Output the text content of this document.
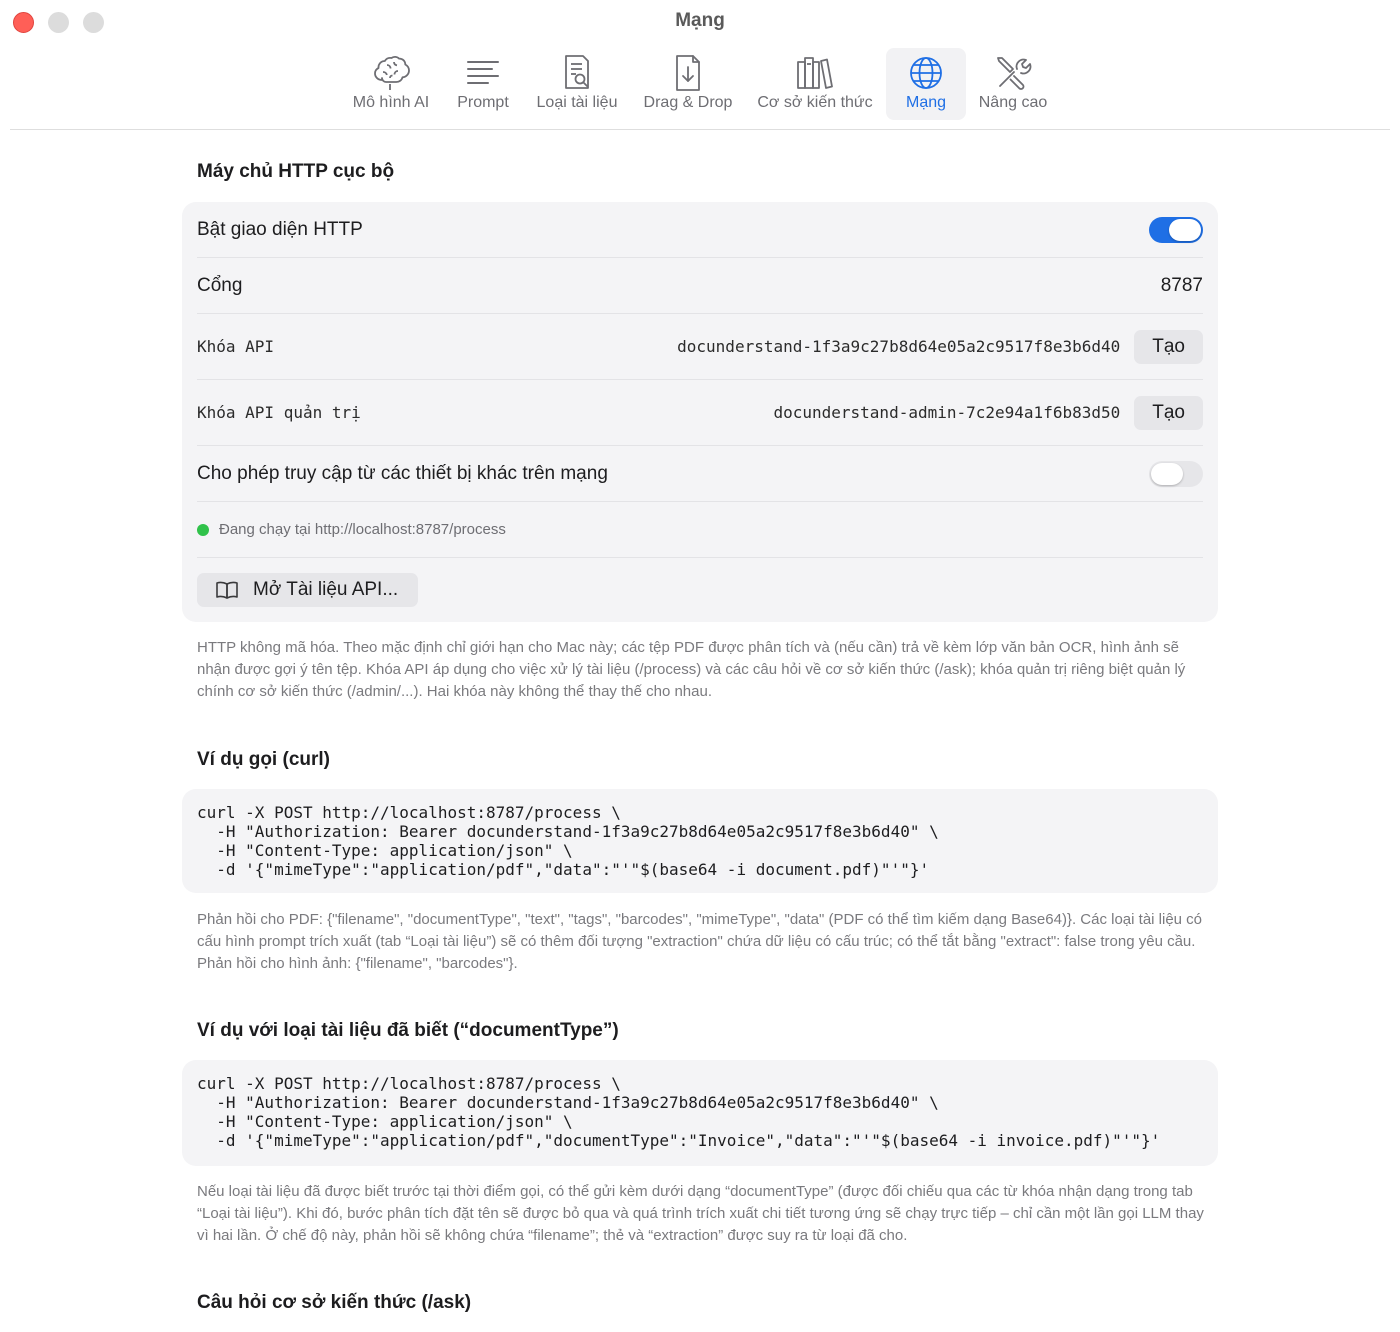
Mạng
Mô hình AI Prompt Loại tài liệu Drag & Drop Cơ sở kiến thức Mạng Nâng cao
Máy chủ HTTP cục bộ
Bật giao diện HTTP
Cổng	8787
Khóa API	docunderstand-1f3a9c27b8d64e05a2c9517f8e3b6d40	Tạo
Khóa API quản trị	docunderstand-admin-7c2e94a1f6b83d50	Tạo
Cho phép truy cập từ các thiết bị khác trên mạng
Đang chạy tại http://localhost:8787/process
Mở Tài liệu API...
HTTP không mã hóa. Theo mặc định chỉ giới hạn cho Mac này; các tệp PDF được phân tích và (nếu cần) trả về kèm lớp văn bản OCR, hình ảnh sẽ nhận được gợi ý tên tệp. Khóa API áp dụng cho việc xử lý tài liệu (/process) và các câu hỏi về cơ sở kiến thức (/ask); khóa quản trị riêng biệt quản lý chính cơ sở kiến thức (/admin/...). Hai khóa này không thể thay thế cho nhau.
Ví dụ gọi (curl)
curl -X POST http://localhost:8787/process \
-H "Authorization: Bearer docunderstand-1f3a9c27b8d64e05a2c9517f8e3b6d40" \
-H "Content-Type: application/json" \
-d '{"mimeType":"application/pdf","data":"'"$(base64 -i document.pdf)"'"}'
Phản hồi cho PDF: {"filename", "documentType", "text", "tags", "barcodes", "mimeType", "data" (PDF có thể tìm kiếm dạng Base64)}. Các loại tài liệu có cấu hình prompt trích xuất (tab “Loại tài liệu”) sẽ có thêm đối tượng "extraction" chứa dữ liệu có cấu trúc; có thể tắt bằng "extract": false trong yêu cầu. Phản hồi cho hình ảnh: {"filename", "barcodes"}.
Ví dụ với loại tài liệu đã biết (“documentType”)
curl -X POST http://localhost:8787/process \
-H "Authorization: Bearer docunderstand-1f3a9c27b8d64e05a2c9517f8e3b6d40" \
-H "Content-Type: application/json" \
-d '{"mimeType":"application/pdf","documentType":"Invoice","data":"'"$(base64 -i invoice.pdf)"'"}'
Nếu loại tài liệu đã được biết trước tại thời điểm gọi, có thể gửi kèm dưới dạng “documentType” (được đối chiếu qua các từ khóa nhận dạng trong tab “Loại tài liệu”). Khi đó, bước phân tích đặt tên sẽ được bỏ qua và quá trình trích xuất chi tiết tương ứng sẽ chạy trực tiếp – chỉ cần một lần gọi LLM thay vì hai lần. Ở chế độ này, phản hồi sẽ không chứa “filename”; thẻ và “extraction” được suy ra từ loại đã cho.
Câu hỏi cơ sở kiến thức (/ask)
